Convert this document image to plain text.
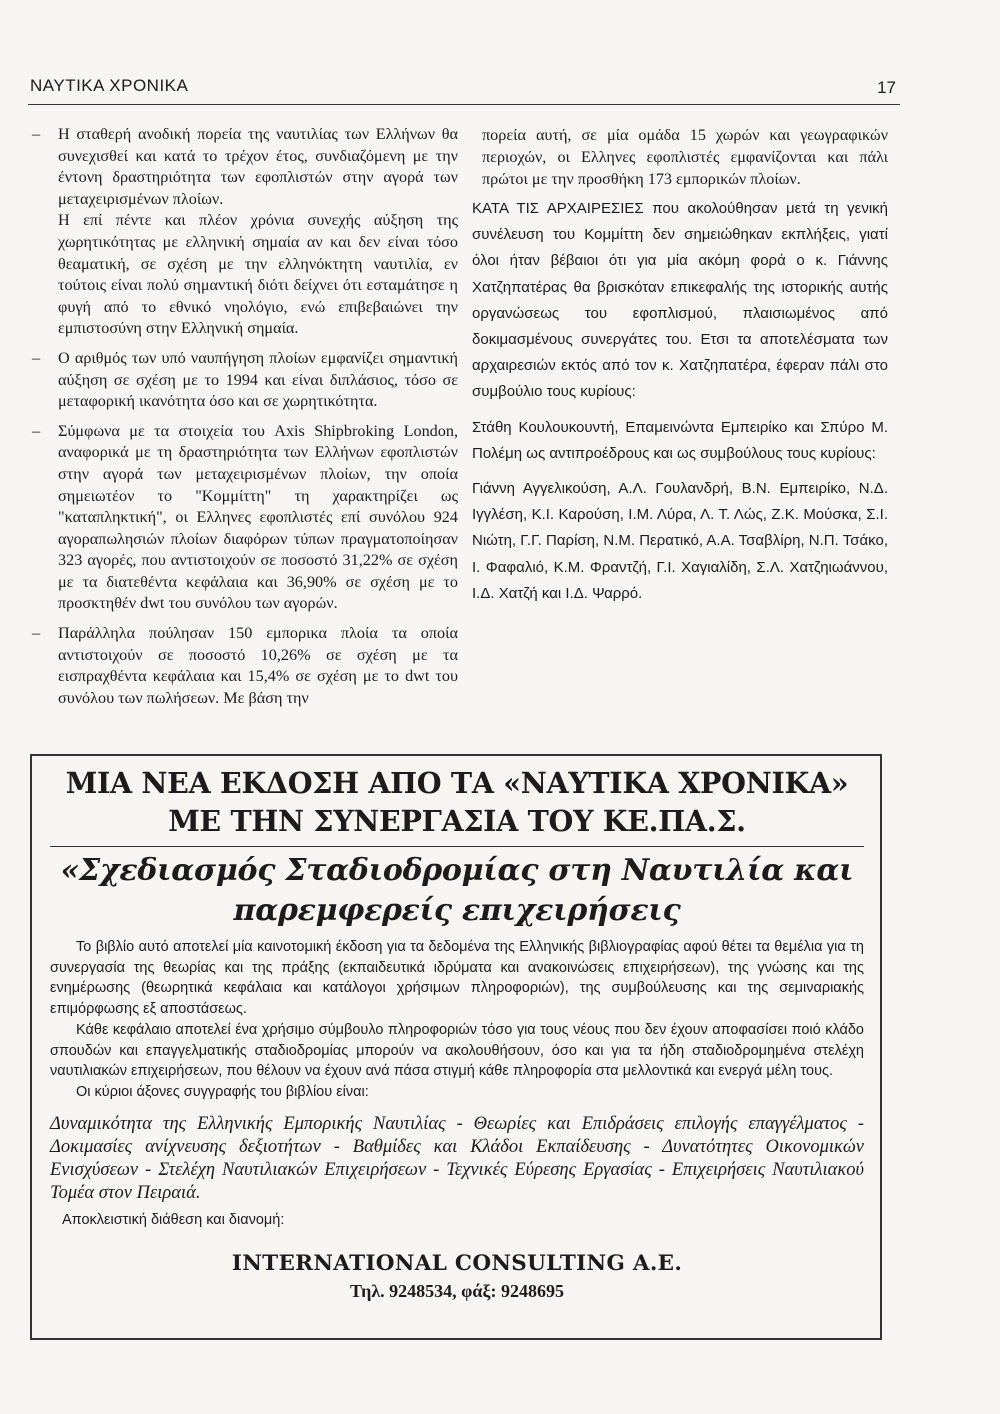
ΝΑΥΤΙΚΑ ΧΡΟΝΙΚΑ	17
– Η σταθερή ανοδική πορεία της ναυτιλίας των Ελλήνων θα συνεχισθεί και κατά το τρέχον έτος, συνδιαζόμενη με την έντονη δραστηριότητα των εφοπλιστών στην αγορά των μεταχειρισμένων πλοίων.

Η επί πέντε και πλέον χρόνια συνεχής αύξηση της χωρητικότητας με ελληνική σημαία αν και δεν είναι τόσο θεαματική, σε σχέση με την ελληνόκτητη ναυτιλία, εν τούτοις είναι πολύ σημαντική διότι δείχνει ότι εσταμάτησε η φυγή από το εθνικό νηολόγιο, ενώ επιβεβαιώνει την εμπιστοσύνη στην Ελληνική σημαία.

– Ο αριθμός των υπό ναυπήγηση πλοίων εμφανίζει σημαντική αύξηση σε σχέση με το 1994 και είναι διπλάσιος, τόσο σε μεταφορική ικανότητα όσο και σε χωρητικότητα.

– Σύμφωνα με τα στοιχεία του Axis Shipbroking London, αναφορικά με τη δραστηριότητα των Ελλήνων εφοπλιστών στην αγορά των μεταχειρισμένων πλοίων, την οποία σημειωτέον το "Κομμίττη" τη χαρακτηρίζει ως "καταπληκτική", οι Ελληνες εφοπλιστές επί συνόλου 924 αγοραπωλησιών πλοίων διαφόρων τύπων πραγματοποίησαν 323 αγορές, που αντιστοιχούν σε ποσοστό 31,22% σε σχέση με τα διατεθέντα κεφάλαια και 36,90% σε σχέση με το προσκτηθέν dwt του συνόλου των αγορών.

– Παράλληλα πούλησαν 150 εμπορικα πλοία τα οποία αντιστοιχούν σε ποσοστό 10,26% σε σχέση με τα εισπραχθέντα κεφάλαια και 15,4% σε σχέση με το dwt του συνόλου των πωλήσεων. Με βάση την

πορεία αυτή, σε μία ομάδα 15 χωρών και γεωγραφικών περιοχών, οι Ελληνες εφοπλιστές εμφανίζονται και πάλι πρώτοι με την προσθήκη 173 εμπορικών πλοίων.

ΚΑΤΑ ΤΙΣ ΑΡΧΑΙΡΕΣΙΕΣ που ακολούθησαν μετά τη γενική συνέλευση του Κομμίττη δεν σημειώθηκαν εκπλήξεις, γιατί όλοι ήταν βέβαιοι ότι για μία ακόμη φορά ο κ. Γιάννης Χατζηπατέρας θα βρισκόταν επικεφαλής της ιστορικής αυτής οργανώσεως του εφοπλισμού, πλαισιωμένος από δοκιμασμένους συνεργάτες του. Ετσι τα αποτελέσματα των αρχαιρεσιών εκτός από τον κ. Χατζηπατέρα, έφεραν πάλι στο συμβούλιο τους κυρίους:

Στάθη Κουλουκουντή, Επαμεινώντα Εμπειρίκο και Σπύρο Μ. Πολέμη ως αντιπροέδρους και ως συμβούλους τους κυρίους:

Γιάννη Αγγελικούση, Α.Λ. Γουλανδρή, Β.Ν. Εμπειρίκο, Ν.Δ. Ιγγλέση, Κ.Ι. Καρούση, Ι.Μ. Λύρα, Λ. Τ. Λώς, Ζ.Κ. Μούσκα, Σ.Ι. Νιώτη, Γ.Γ. Παρίση, Ν.Μ. Περατικό, Α.Α. Τσαβλίρη, Ν.Π. Τσάκο, Ι. Φαφαλιό, Κ.Μ. Φραντζή, Γ.Ι. Χαγιαλίδη, Σ.Λ. Χατζηιωάννου, Ι.Δ. Χατζή και Ι.Δ. Ψαρρό.

ΜΙΑ ΝΕΑ ΕΚΔΟΣΗ ΑΠΟ ΤΑ «ΝΑΥΤΙΚΑ ΧΡΟΝΙΚΑ»
ΜΕ ΤΗΝ ΣΥΝΕΡΓΑΣΙΑ ΤΟΥ ΚΕ.ΠΑ.Σ.
«Σχεδιασμός Σταδιοδρομίας στη Ναυτιλία και
παρεμφερείς επιχειρήσεις

Το βιβλίο αυτό αποτελεί μία καινοτομική έκδοση για τα δεδομένα της Ελληνικής βιβλιογραφίας αφού θέτει τα θεμέλια για τη συνεργασία της θεωρίας και της πράξης (εκπαιδευτικά ιδρύματα και ανακοινώσεις επιχειρήσεων), της γνώσης και της ενημέρωσης (θεωρητικά κεφάλαια και κατάλογοι χρήσιμων πληροφοριών), της συμβούλευσης και της σεμιναριακής επιμόρφωσης εξ αποστάσεως.

Κάθε κεφάλαιο αποτελεί ένα χρήσιμο σύμβουλο πληροφοριών τόσο για τους νέους που δεν έχουν αποφασίσει ποιό κλάδο σπουδών και επαγγελματικής σταδιοδρομίας μπορούν να ακολουθήσουν, όσο και για τα ήδη σταδιοδρομημένα στελέχη ναυτιλιακών επιχειρήσεων, που θέλουν να έχουν ανά πάσα στιγμή κάθε πληροφορία στα μελλοντικά και ενεργά μέλη τους.

Οι κύριοι άξονες συγγραφής του βιβλίου είναι:

Δυναμικότητα της Ελληνικής Εμπορικής Ναυτιλίας - Θεωρίες και Επιδράσεις επιλογής επαγγέλματος - Δοκιμασίες ανίχνευσης δεξιοτήτων - Βαθμίδες και Κλάδοι Εκπαίδευσης - Δυνατότητες Οικονομικών Ενισχύσεων - Στελέχη Ναυτιλιακών Επιχειρήσεων - Τεχνικές Εύρεσης Εργασίας - Επιχειρήσεις Ναυτιλιακού Τομέα στον Πειραιά.
Αποκλειστική διάθεση και διανομή:
INTERNATIONAL CONSULTING A.E.
Τηλ. 9248534, φάξ: 9248695
